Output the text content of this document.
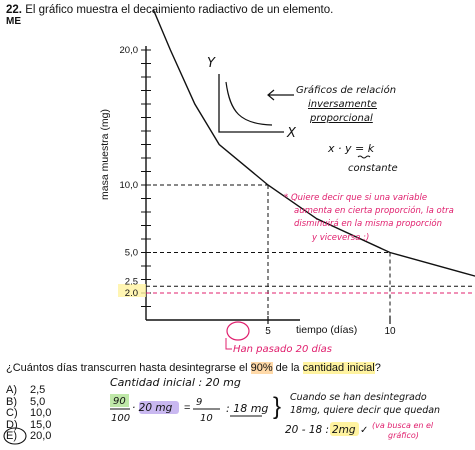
22. El gráfico muestra el decaimiento radiactivo de un elemento.
ME
5	10
2.0
2.5
5,0
10,0
20,0
masa muestra (mg)
tiempo (días)
Han pasado 20 días
Y
X
Gráficos de relación
inversamente
proporcional
x · y = k
constante
* Quiere decir que si una variable
aumenta en cierta proporción, la otra
disminuirá en la misma proporción
y viceversa :)
¿Cuántos días transcurren hasta desintegrarse el 90% de la cantidad inicial?
A)	2,5
B)	5,0
C)	10,0
D)	15,0
E)	20,0
Cantidad inicial : 20 mg
90
100
· 20 mg = 9
10
: 18 mg } Cuando se han desintegrado
18mg, quiere decir que quedan
20 - 18 : 2mg ✓ (va busca en el
gráfico)
